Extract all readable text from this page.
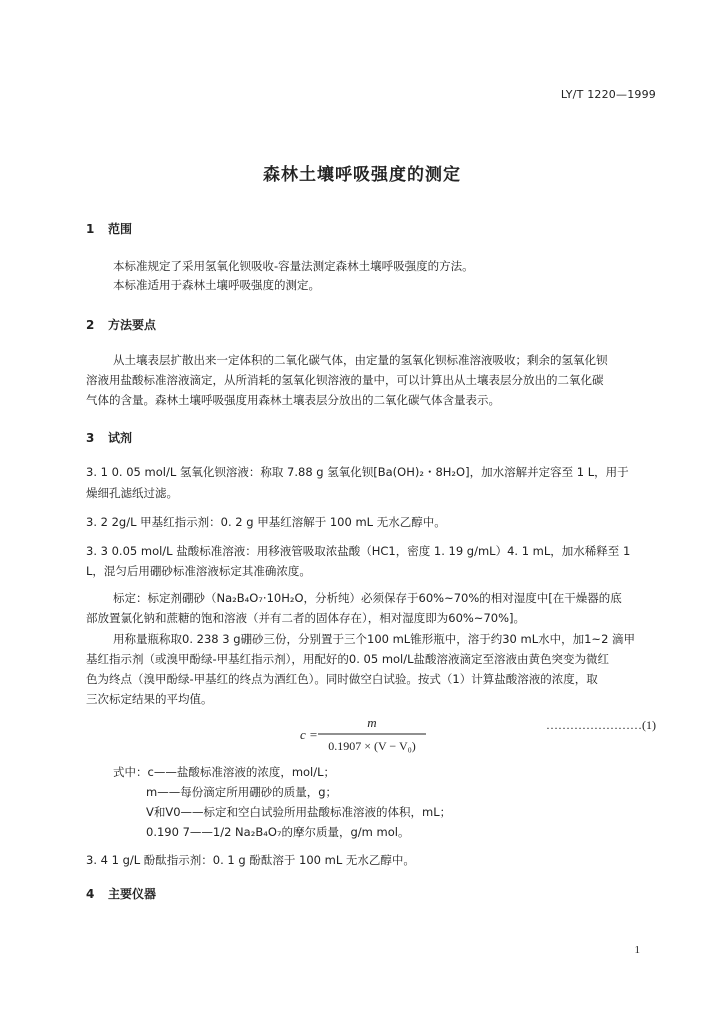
LY/T 1220—1999
森林土壤呼吸强度的测定
1 范围
本标准规定了采用氢氧化钡吸收-容量法测定森林土壤呼吸强度的方法。
本标准适用于森林土壤呼吸强度的测定。
2 方法要点
从土壤表层扩散出来一定体积的二氧化碳气体，由定量的氢氧化钡标准溶液吸收；剩余的氢氧化钡
溶液用盐酸标准溶液滴定，从所消耗的氢氧化钡溶液的量中，可以计算出从土壤表层分放出的二氧化碳
气体的含量。森林土壤呼吸强度用森林土壤表层分放出的二氧化碳气体含量表示。
3 试剂
3. 1 0. 05 mol/L 氢氧化钡溶液：称取 7.88 g 氢氧化钡[Ba(OH)₂・8H₂O]，加水溶解并定容至 1 L，用于
燥细孔滤纸过滤。
3. 2 2g/L 甲基红指示剂：0. 2 g 甲基红溶解于 100 mL 无水乙醇中。
3. 3 0.05 mol/L 盐酸标准溶液：用移液管吸取浓盐酸（HC1，密度 1. 19 g/mL）4. 1 mL，加水稀释至 1
L，混匀后用硼砂标准溶液标定其准确浓度。
标定：标定剂硼砂（Na₂B₄O₇·10H₂O，分析纯）必须保存于60%~70%的相对湿度中[在干燥器的底
部放置氯化钠和蔗糖的饱和溶液（并有二者的固体存在），相对湿度即为60%~70%]。
用称量瓶称取0. 238 3 g硼砂三份，分别置于三个100 mL锥形瓶中，溶于约30 mL水中，加1~2 滴甲
基红指示剂（或溴甲酚绿-甲基红指示剂），用配好的0. 05 mol/L盐酸溶液滴定至溶液由黄色突变为微红
色为终点（溴甲酚绿-甲基红的终点为酒红色）。同时做空白试验。按式（1）计算盐酸溶液的浓度，取
三次标定结果的平均值。
c =
m
0.1907 × (V − V₀)
……………………(1)
式中：c——盐酸标准溶液的浓度，mol/L；
m——每份滴定所用硼砂的质量，g；
V和V0——标定和空白试验所用盐酸标准溶液的体积，mL；
0.190 7——1/2 Na₂B₄O₇的摩尔质量，g/m mol。
3. 4 1 g/L 酚酞指示剂：0. 1 g 酚酞溶于 100 mL 无水乙醇中。
4 主要仪器
1
